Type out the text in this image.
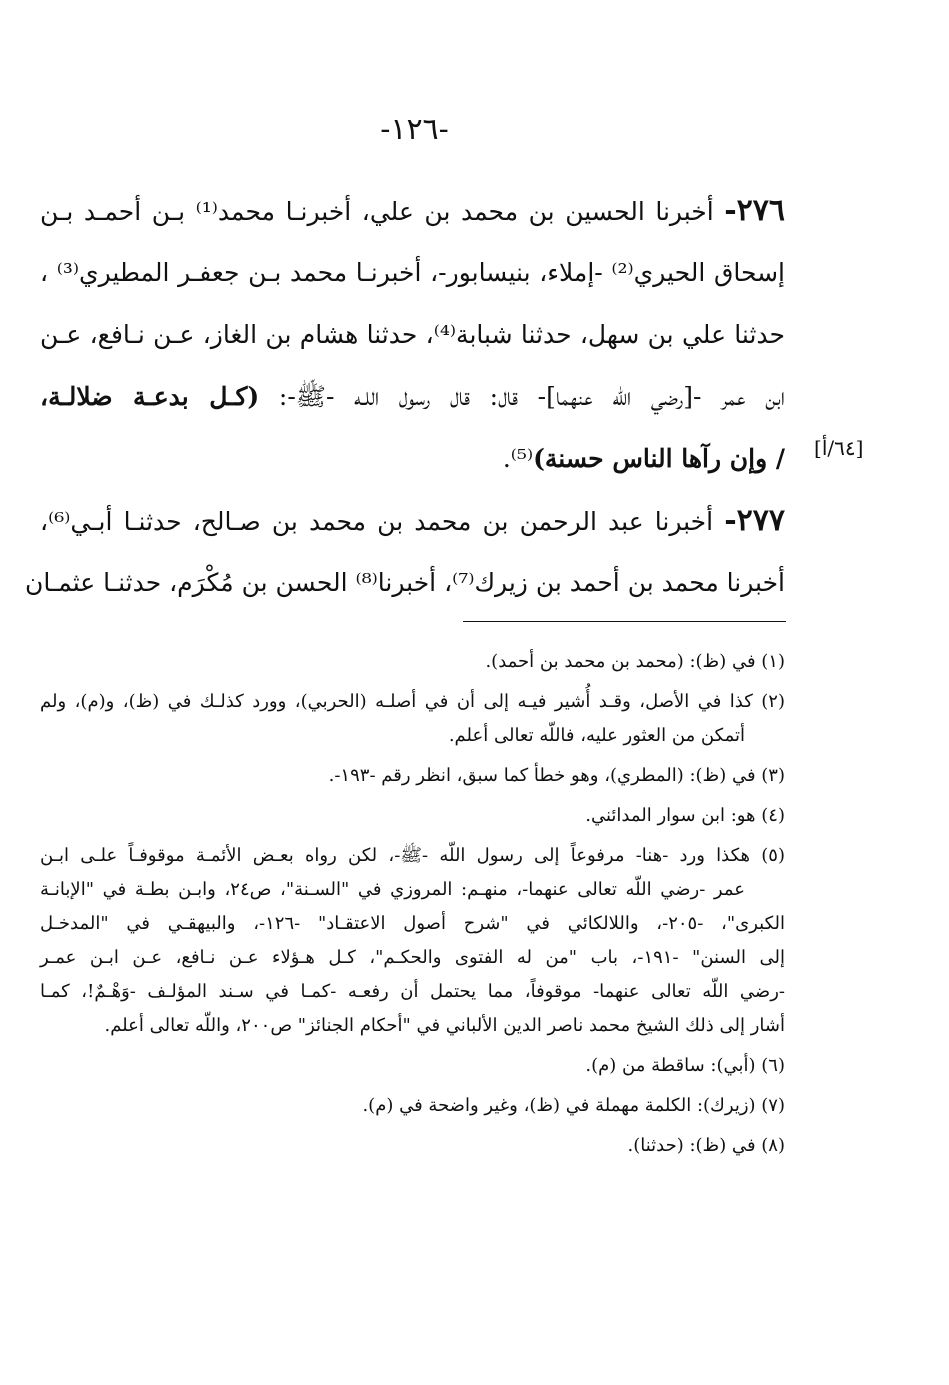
-١٢٦-
٢٧٦- أخبرنا الحسين بن محمد بن علي، أخبرنـا محمد⁽¹⁾ بـن أحمـد بـن
إسحاق الحيري⁽²⁾ -إملاء، بنيسابور-، أخبرنـا محمد بـن جعفـر المطيري⁽³⁾ ،
حدثنا علي بن سهل، حدثنا شبابة⁽⁴⁾، حدثنا هشام بن الغاز، عـن نـافع، عـن
ابن عمر -[رضي الله عنهما]- قال: قال رسول اللـه -ﷺ-: (كـل بدعـة ضلالـة،
/ وإن رآها الناس حسنة)⁽⁵⁾.
٢٧٧- أخبرنا عبد الرحمن بن محمد بن محمد بن صـالح، حدثنـا أبـي⁽⁶⁾،
أخبرنا محمد بن أحمد بن زيرك⁽⁷⁾، أخبرنا⁽⁸⁾ الحسن بن مُكْرَم، حدثنـا عثمـان
[٦٤/أ]
(١) في (ظ): (محمد بن محمد بن أحمد).
(٢) كذا في الأصل، وقـد أُشير فيـه إلى أن في أصلـه (الحربي)، وورد كذلـك في (ظ)، و(م)، ولم
أتمكن من العثور عليه، فاللّه تعالى أعلم.
(٣) في (ظ): (المطري)، وهو خطأ كما سبق، انظر رقم -١٩٣-.
(٤) هو: ابن سوار المدائني.
(٥) هكذا ورد -هنا- مرفوعاً إلى رسول اللّه -ﷺ-، لكن رواه بعـض الأئمـة موقوفـاً علـى ابـن
عمر -رضي اللّه تعالى عنهما-، منهـم: المروزي في "السـنة"، ص٢٤، وابـن بطـة في "الإبانـة
الكبرى"، -٢٠٥-، واللالكائي في "شرح أصول الاعتقـاد" -١٢٦-، والبيهقـي في "المدخـل
إلى السنن" -١٩١-، باب "من له الفتوى والحكـم"، كـل هـؤلاء عـن نـافع، عـن ابـن عمـر
-رضي اللّه تعالى عنهما- موقوفاً، مما يحتمل أن رفعـه -كمـا في سـند المؤلـف -وَهْـمٌ!، كمـا
أشار إلى ذلك الشيخ محمد ناصر الدين الألباني في "أحكام الجنائز" ص٢٠٠، واللّه تعالى أعلم.
(٦) (أبي): ساقطة من (م).
(٧) (زيرك): الكلمة مهملة في (ظ)، وغير واضحة في (م).
(٨) في (ظ): (حدثنا).
